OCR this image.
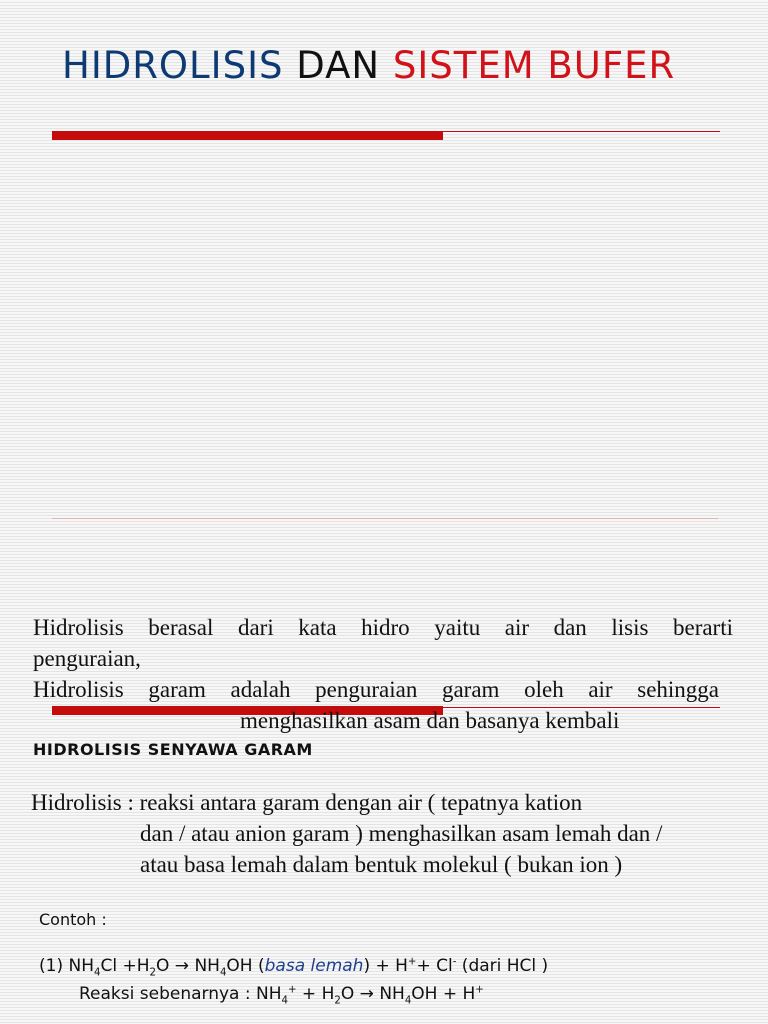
HIDROLISIS DAN SISTEM BUFER
Hidrolisis berasal dari kata hidro yaitu air dan lisis berarti
penguraian,
Hidrolisis garam adalah penguraian garam oleh air sehingga
menghasilkan asam dan basanya kembali
HIDROLISIS SENYAWA GARAM
Hidrolisis : reaksi antara garam dengan air ( tepatnya kation
dan / atau anion garam ) menghasilkan asam lemah dan /
atau basa lemah dalam bentuk molekul ( bukan ion )
Contoh :
(1) $NH_4Cl +H_2O \to NH_4OH$ (basa lemah) + H++ Cl- (dari HCl )
Reaksi sebenarnya : $NH_4^+ + H_2O \to NH_4OH + H^+$
